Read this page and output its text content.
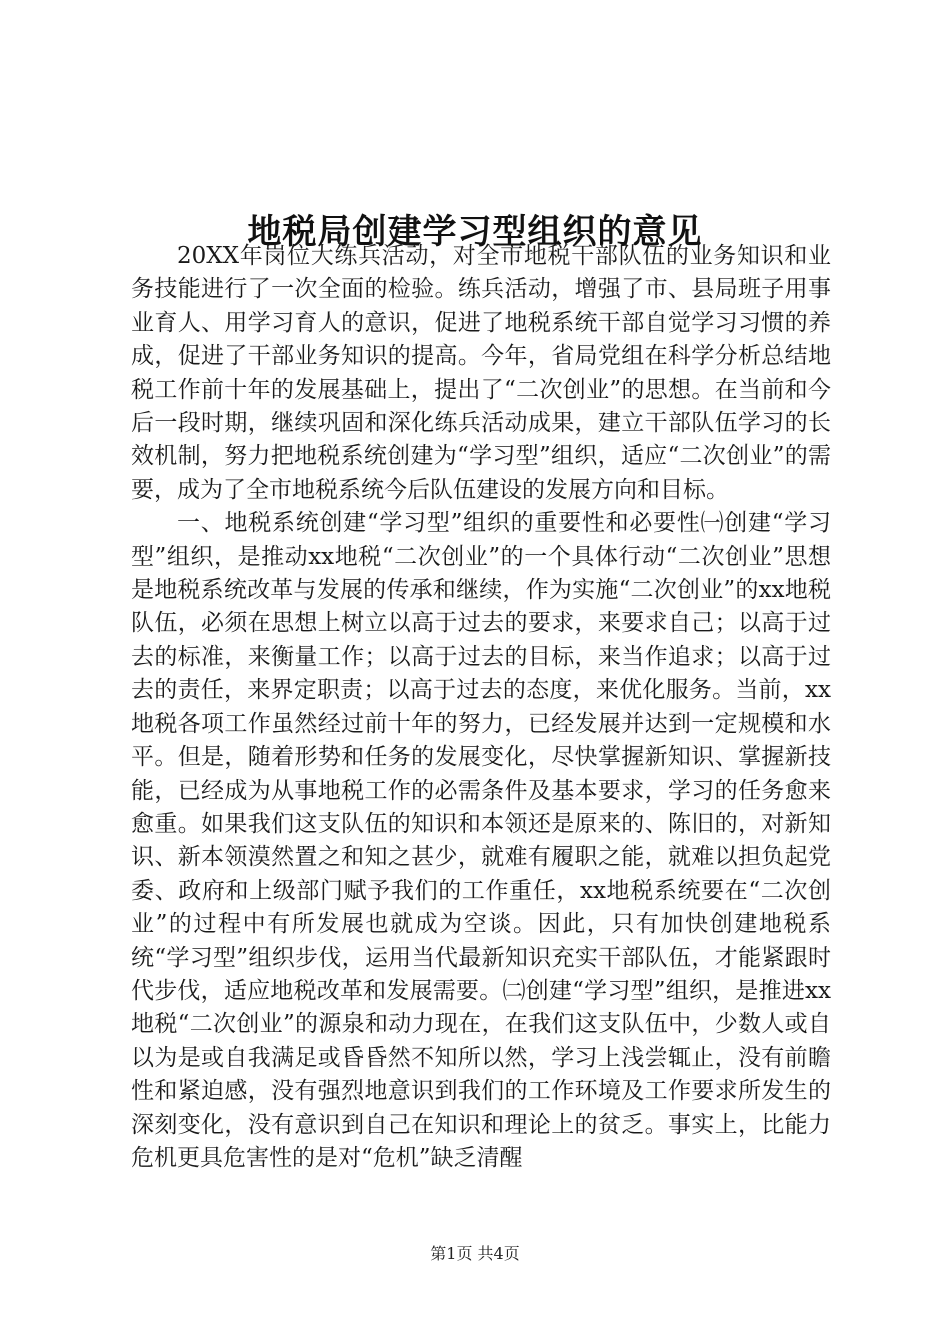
地税局创建学习型组织的意见

20XX年岗位大练兵活动，对全市地税干部队伍的业务知识和业务技能进行了一次全面的检验。练兵活动，增强了市、县局班子用事业育人、用学习育人的意识，促进了地税系统干部自觉学习习惯的养成，促进了干部业务知识的提高。今年，省局党组在科学分析总结地税工作前十年的发展基础上，提出了“二次创业”的思想。在当前和今后一段时期，继续巩固和深化练兵活动成果，建立干部队伍学习的长效机制，努力把地税系统创建为“学习型”组织，适应“二次创业”的需要，成为了全市地税系统今后队伍建设的发展方向和目标。

一、地税系统创建“学习型”组织的重要性和必要性㈠创建“学习型”组织，是推动xx地税“二次创业”的一个具体行动“二次创业”思想是地税系统改革与发展的传承和继续，作为实施“二次创业”的xx地税队伍，必须在思想上树立以高于过去的要求，来要求自己；以高于过去的标准，来衡量工作；以高于过去的目标，来当作追求；以高于过去的责任，来界定职责；以高于过去的态度，来优化服务。当前，xx地税各项工作虽然经过前十年的努力，已经发展并达到一定规模和水平。但是，随着形势和任务的发展变化，尽快掌握新知识、掌握新技能，已经成为从事地税工作的必需条件及基本要求，学习的任务愈来愈重。如果我们这支队伍的知识和本领还是原来的、陈旧的，对新知识、新本领漠然置之和知之甚少，就难有履职之能，就难以担负起党委、政府和上级部门赋予我们的工作重任，xx地税系统要在“二次创业”的过程中有所发展也就成为空谈。因此，只有加快创建地税系统“学习型”组织步伐，运用当代最新知识充实干部队伍，才能紧跟时代步伐，适应地税改革和发展需要。㈡创建“学习型”组织，是推进xx地税“二次创业”的源泉和动力现在，在我们这支队伍中，少数人或自以为是或自我满足或昏昏然不知所以然，学习上浅尝辄止，没有前瞻性和紧迫感，没有强烈地意识到我们的工作环境及工作要求所发生的深刻变化，没有意识到自己在知识和理论上的贫乏。事实上，比能力危机更具危害性的是对“危机”缺乏清醒

第1页 共4页
